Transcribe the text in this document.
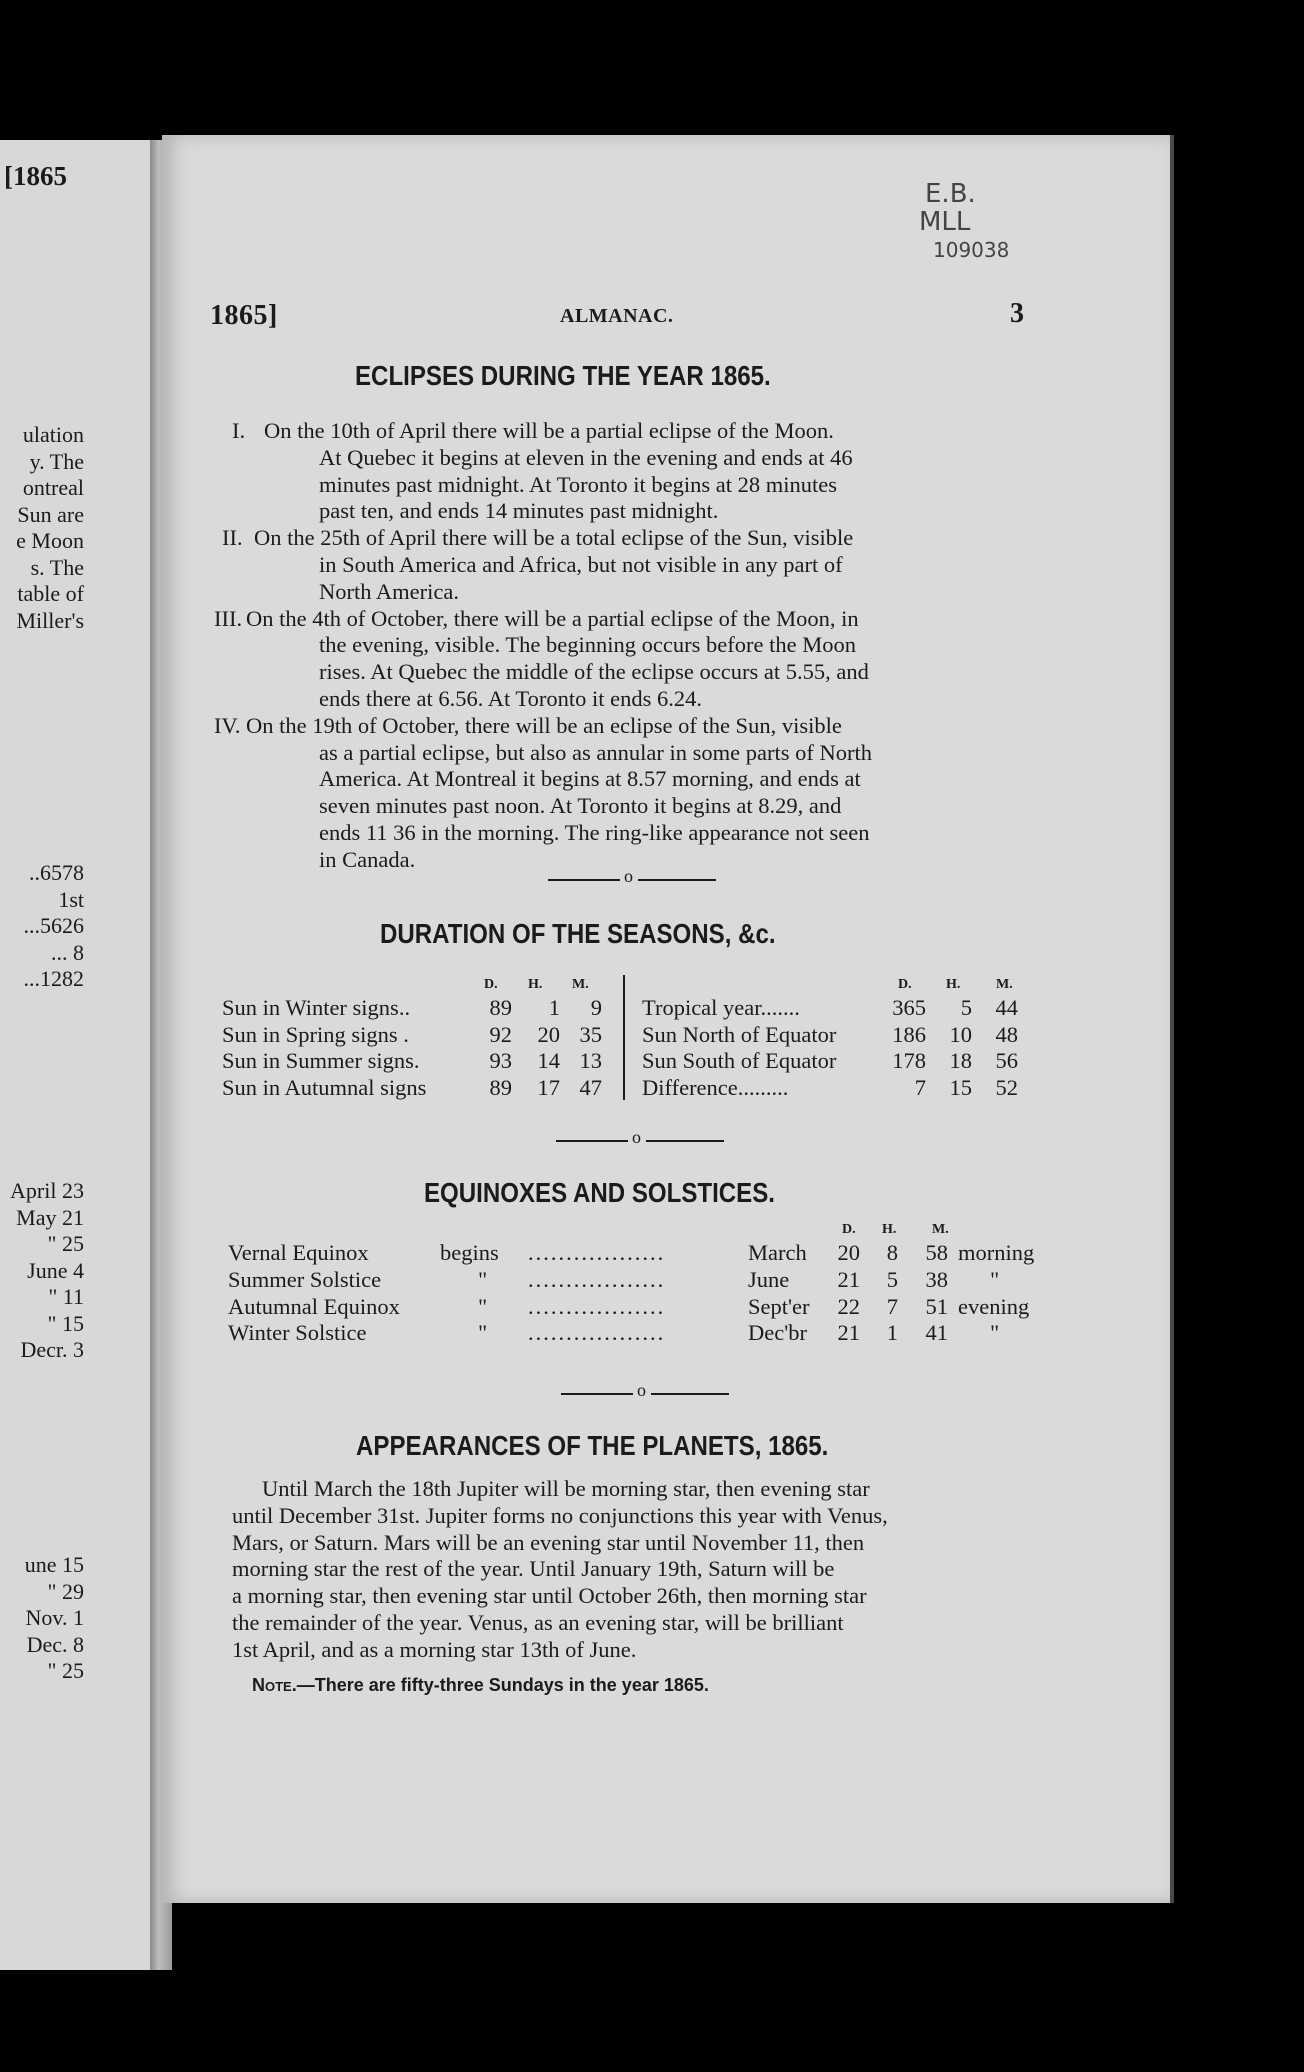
[1865
ulation
y. The
ontreal
Sun are
e Moon
s. The
table of
Miller's
..6578
1st
...5626
... 8
...1282
April 23
May 21
" 25
June 4
" 11
" 15
Decr. 3
une 15
" 29
Nov. 1
Dec. 8
" 25
E.B.
MLL
109038
1865]	ALMANAC.	3
ECLIPSES DURING THE YEAR 1865.
I. On the 10th of April there will be a partial eclipse of the Moon.
At Quebec it begins at eleven in the evening and ends at 46
minutes past midnight. At Toronto it begins at 28 minutes
past ten, and ends 14 minutes past midnight.
II. On the 25th of April there will be a total eclipse of the Sun, visible
in South America and Africa, but not visible in any part of
North America.
III. On the 4th of October, there will be a partial eclipse of the Moon, in
the evening, visible. The beginning occurs before the Moon
rises. At Quebec the middle of the eclipse occurs at 5.55, and
ends there at 6.56. At Toronto it ends 6.24.
IV. On the 19th of October, there will be an eclipse of the Sun, visible
as a partial eclipse, but also as annular in some parts of North
America. At Montreal it begins at 8.57 morning, and ends at
seven minutes past noon. At Toronto it begins at 8.29, and
ends 11 36 in the morning. The ring-like appearance not seen
in Canada.
o
DURATION OF THE SEASONS, &c.
D.	D.
H.	H.
M.	M.
Sun in Winter signs..	89	1	9
Sun in Spring signs .	92	20 35
Sun in Summer signs.	93	14 13
Sun in Autumnal signs	89	17 47
Tropical year.......	365	5	44
Sun North of Equator	186	10	48
Sun South of Equator	178	18	56
Difference.........	7	15	52
o
EQUINOXES AND SOLSTICES.
D. H.	M.
Vernal Equinox	begins ..................	March	20	8 58 morning
Summer Solstice	" ..................	June	21	5 38 "
Autumnal Equinox	" ..................	Sept'er	22	7 51 evening
Winter Solstice	" ..................	Dec'br	21	1 41 "
o
APPEARANCES OF THE PLANETS, 1865.
Until March the 18th Jupiter will be morning star, then evening star
until December 31st. Jupiter forms no conjunctions this year with Venus,
Mars, or Saturn. Mars will be an evening star until November 11, then
morning star the rest of the year. Until January 19th, Saturn will be
a morning star, then evening star until October 26th, then morning star
the remainder of the year. Venus, as an evening star, will be brilliant
1st April, and as a morning star 13th of June.
Note.—There are fifty-three Sundays in the year 1865.
